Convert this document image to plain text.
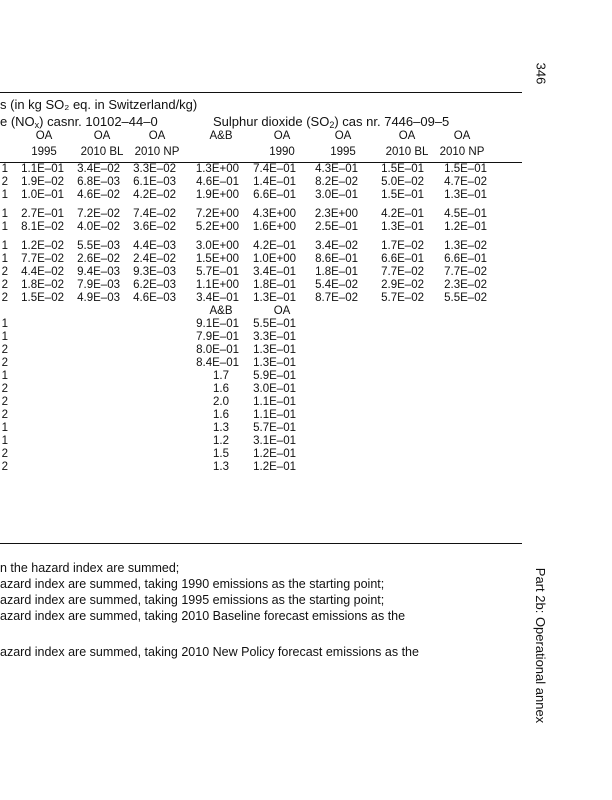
346
Part 2b: Operational annex
s (in kg SO₂ eq. in Switzerland/kg)
e $(NO_x)$ casnr. 10102–44–0	Sulphur dioxide $(SO_2)$ cas nr. 7446–09–5
OA	OA	OA	A&B	OA	OA	OA	OA
1995	2010 BL 2010 NP	1990	1995	2010 BL 2010 NP
1 1.1E–01 3.4E–02 3.3E–02 1.3E+00 7.4E–01 4.3E–01 1.5E–01 1.5E–01
2 1.9E–02 6.8E–03 6.1E–03 4.6E–01 1.4E–01 8.2E–02 5.0E–02 4.7E–02
1 1.0E–01 4.6E–02 4.2E–02 1.9E+00 6.6E–01 3.0E–01 1.5E–01 1.3E–01
1 2.7E–01 7.2E–02 7.4E–02 7.2E+00 4.3E+00 2.3E+00 4.2E–01 4.5E–01
1 8.1E–02 4.0E–02 3.6E–02 5.2E+00 1.6E+00 2.5E–01 1.3E–01 1.2E–01
1 1.2E–02 5.5E–03 4.4E–03 3.0E+00 4.2E–01 3.4E–02 1.7E–02 1.3E–02
1 7.7E–02 2.6E–02 2.4E–02 1.5E+00 1.0E+00 8.6E–01 6.6E–01 6.6E–01
2 4.4E–02 9.4E–03 9.3E–03 5.7E–01 3.4E–01 1.8E–01 7.7E–02 7.7E–02
2 1.8E–02 7.9E–03 6.2E–03 1.1E+00 1.8E–01 5.4E–02 2.9E–02 2.3E–02
2 1.5E–02 4.9E–03 4.6E–03 3.4E–01 1.3E–01 8.7E–02 5.7E–02 5.5E–02
A&B	OA
1	9.1E–01 5.5E–01
1	7.9E–01 3.3E–01
2	8.0E–01 1.3E–01
2	8.4E–01 1.3E–01
1	1.7	5.9E–01
2	1.6	3.0E–01
2	2.0	1.1E–01
2	1.6	1.1E–01
1	1.3	5.7E–01
1	1.2	3.1E–01
2	1.5	1.2E–01
2	1.3	1.2E–01
n the hazard index are summed;
azard index are summed, taking 1990 emissions as the starting point;
azard index are summed, taking 1995 emissions as the starting point;
azard index are summed, taking 2010 Baseline forecast emissions as the
azard index are summed, taking 2010 New Policy forecast emissions as the
